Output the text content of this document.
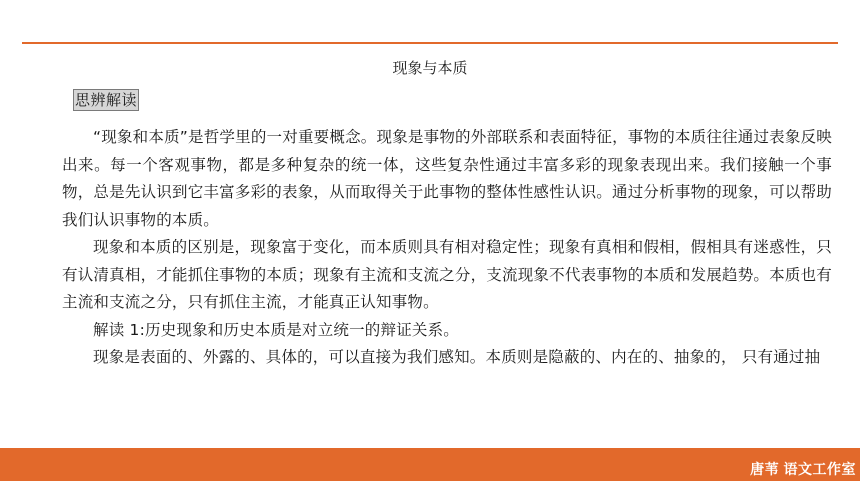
现象与本质
思辨解读

“现象和本质”是哲学里的一对重要概念。现象是事物的外部联系和表面特征，事物的本质往往通过表象反映出来。每一个客观事物，都是多种复杂的统一体，这些复杂性通过丰富多彩的现象表现出来。我们接触一个事物，总是先认识到它丰富多彩的表象，从而取得关于此事物的整体性感性认识。通过分析事物的现象，可以帮助我们认识事物的本质。

现象和本质的区别是，现象富于变化，而本质则具有相对稳定性；现象有真相和假相，假相具有迷惑性，只有认清真相，才能抓住事物的本质；现象有主流和支流之分，支流现象不代表事物的本质和发展趋势。本质也有主流和支流之分，只有抓住主流，才能真正认知事物。

解读 1:历史现象和历史本质是对立统一的辩证关系。

现象是表面的、外露的、具体的，可以直接为我们感知。本质则是隐蔽的、内在的、抽象的， 只有通过抽

唐苇 语文工作室
